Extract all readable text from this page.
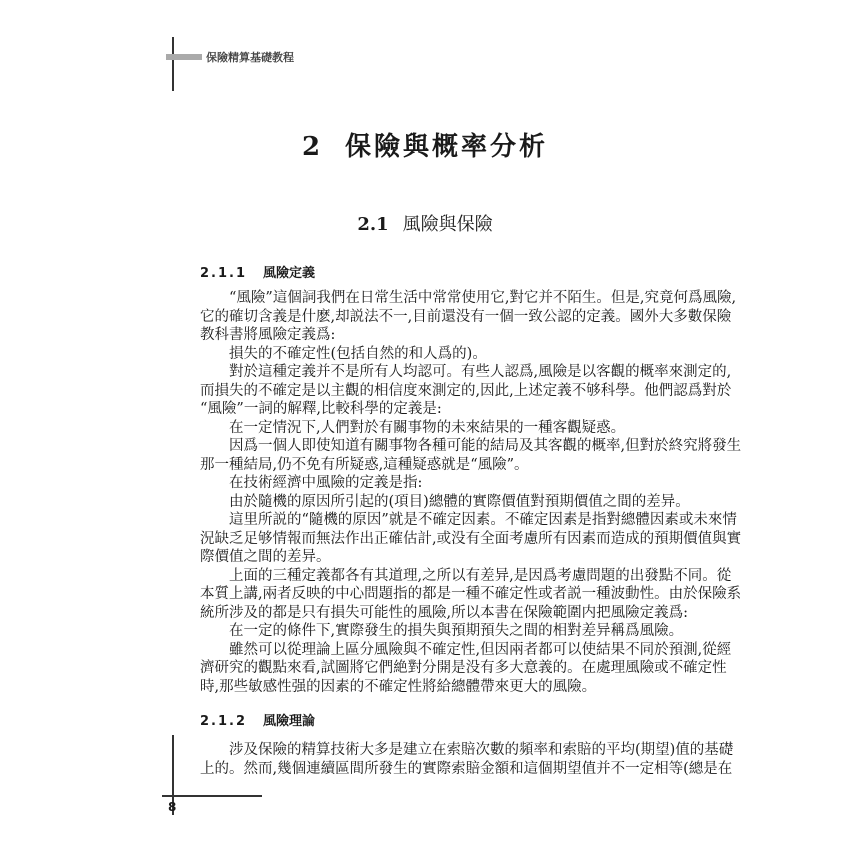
保險精算基礎教程
2 保險與概率分析
2.1 風險與保險
2.1.1 風險定義
“風險”這個詞我們在日常生活中常常使用它,對它并不陌生。但是,究竟何爲風險,
它的確切含義是什麽,却説法不一,目前還没有一個一致公認的定義。國外大多數保險
教科書將風險定義爲:
損失的不確定性(包括自然的和人爲的)。
對於這種定義并不是所有人均認可。有些人認爲,風險是以客觀的概率來測定的,
而損失的不確定是以主觀的相信度來測定的,因此,上述定義不够科學。他們認爲對於
“風險”一詞的解釋,比較科學的定義是:
在一定情況下,人們對於有關事物的未來結果的一種客觀疑惑。
因爲一個人即使知道有關事物各種可能的結局及其客觀的概率,但對於終究將發生
那一種結局,仍不免有所疑惑,這種疑惑就是“風險”。
在技術經濟中風險的定義是指:
由於隨機的原因所引起的(項目)總體的實際價值對預期價值之間的差异。
這里所説的“隨機的原因”就是不確定因素。不確定因素是指對總體因素或未來情
況缺乏足够情報而無法作出正確估計,或没有全面考慮所有因素而造成的預期價值與實
際價值之間的差异。
上面的三種定義都各有其道理,之所以有差异,是因爲考慮問題的出發點不同。從
本質上講,兩者反映的中心問題指的都是一種不確定性或者説一種波動性。由於保險系
統所涉及的都是只有損失可能性的風險,所以本書在保險範圍内把風險定義爲:
在一定的條件下,實際發生的損失與預期預失之間的相對差异稱爲風險。
雖然可以從理論上區分風險與不確定性,但因兩者都可以使結果不同於預測,從經
濟研究的觀點來看,試圖將它們絶對分開是没有多大意義的。在處理風險或不確定性
時,那些敏感性强的因素的不確定性將給總體帶來更大的風險。
2.1.2 風險理論
涉及保險的精算技術大多是建立在索賠次數的頻率和索賠的平均(期望)值的基礎
上的。然而,幾個連續區間所發生的實際索賠金額和這個期望值并不一定相等(總是在
8
